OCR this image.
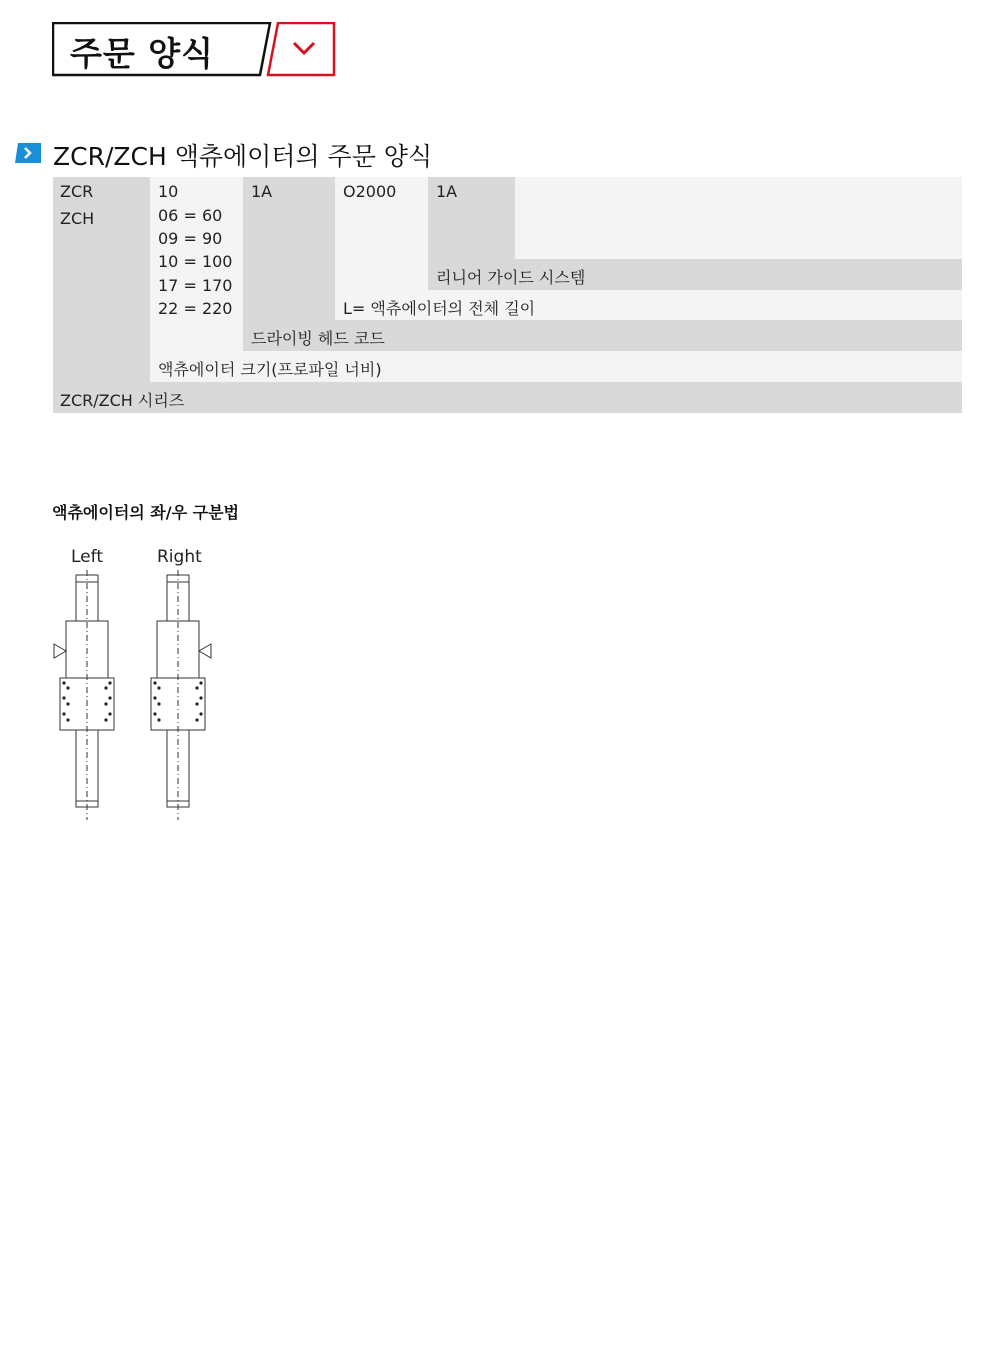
주문 양식
ZCR/ZCH 액츄에이터의 주문 양식
리니어 가이드 시스템
L= 액츄에이터의 전체 길이
드라이빙 헤드 코드
액츄에이터 크기(프로파일 너비)
ZCR/ZCH 시리즈
ZCR
ZCH
10
06 = 60
09 = 90
10 = 100
17 = 170
22 = 220
1A	O2000 1A
액츄에이터의 좌/우 구분법
Left	Right
